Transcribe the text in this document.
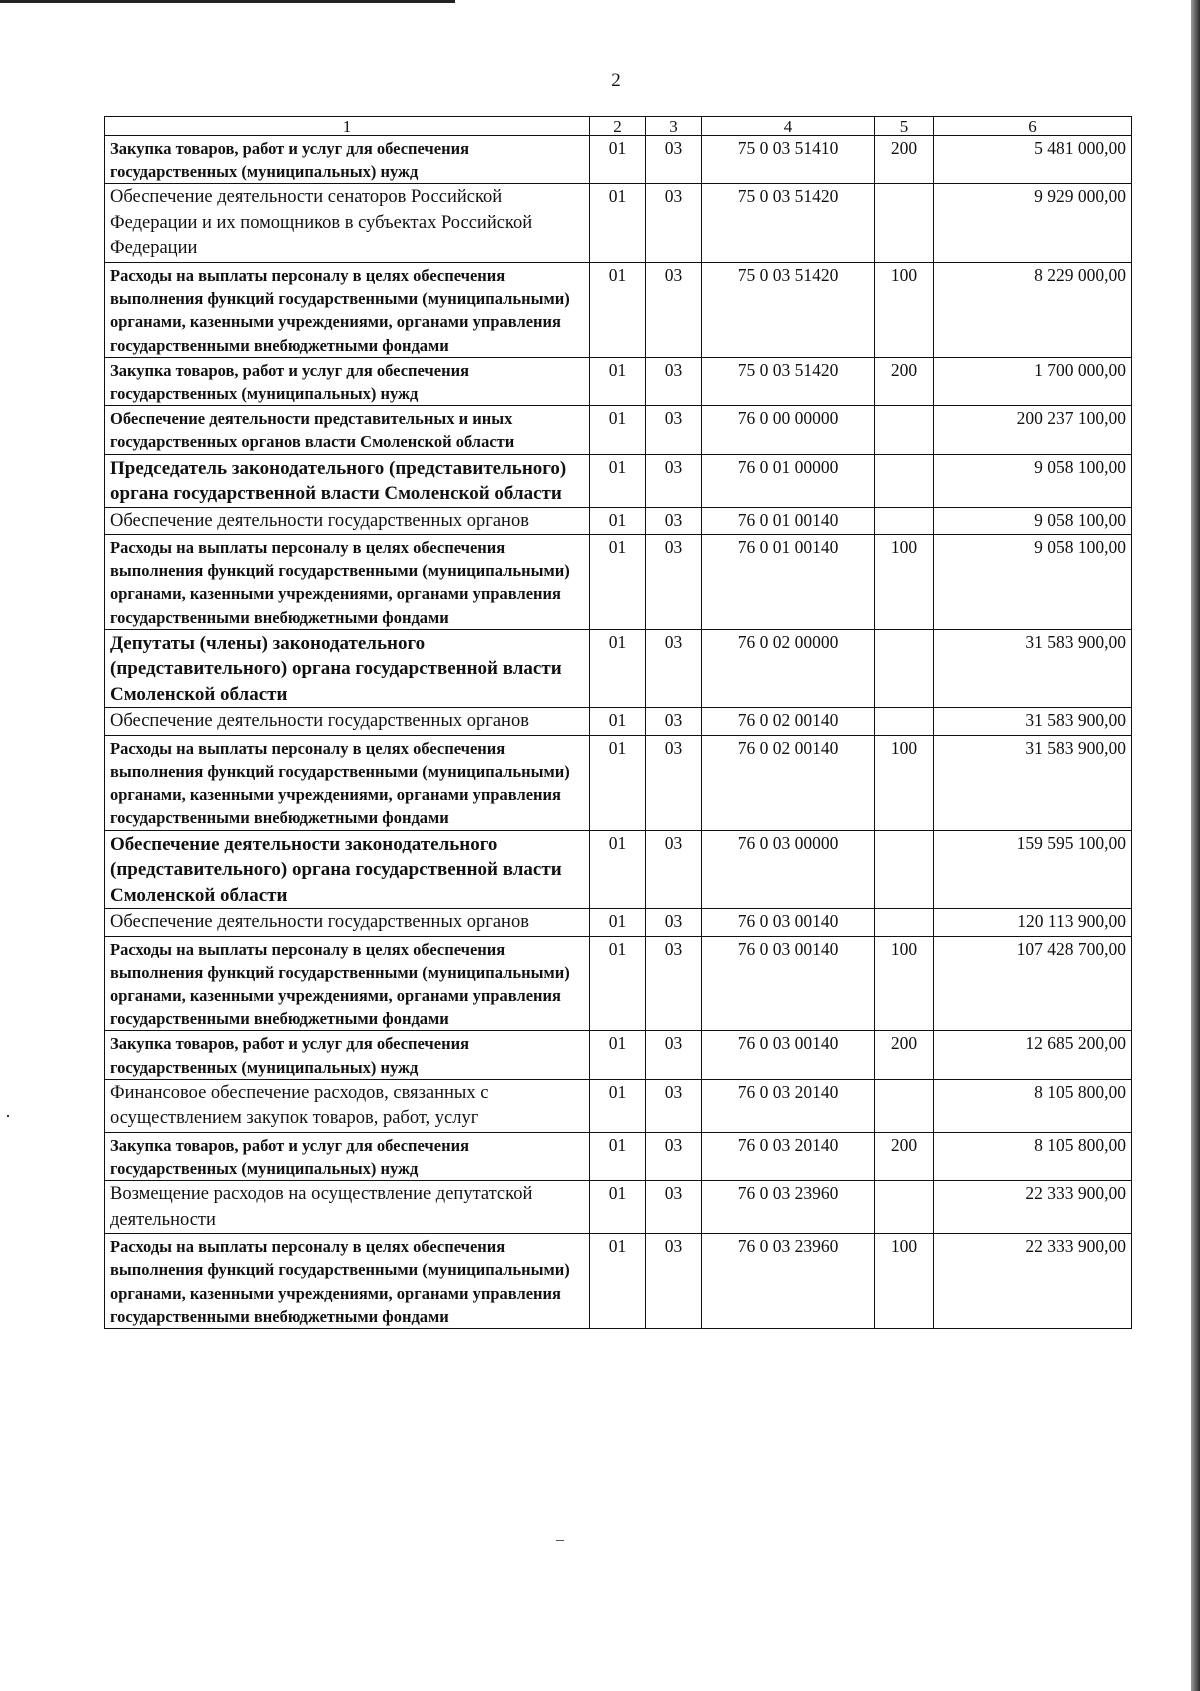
2
1	2	3	4	5	6
Закупка товаров, работ и услуг для обеспечения государственных (муниципальных) нужд	01	03	75 0 03 51410	200	5 481 000,00
Обеспечение деятельности сенаторов Российской Федерации и их помощников в субъектах Российской Федерации	01	03	75 0 03 51420		9 929 000,00
Расходы на выплаты персоналу в целях обеспечения выполнения функций государственными (муниципальными) органами, казенными учреждениями, органами управления государственными внебюджетными фондами	01	03	75 0 03 51420	100	8 229 000,00
Закупка товаров, работ и услуг для обеспечения государственных (муниципальных) нужд	01	03	75 0 03 51420	200	1 700 000,00
Обеспечение деятельности представительных и иных государственных органов власти Смоленской области	01	03	76 0 00 00000		200 237 100,00
Председатель законодательного (представительного) органа государственной власти Смоленской области	01	03	76 0 01 00000		9 058 100,00
Обеспечение деятельности государственных органов	01	03	76 0 01 00140		9 058 100,00
Расходы на выплаты персоналу в целях обеспечения выполнения функций государственными (муниципальными) органами, казенными учреждениями, органами управления государственными внебюджетными фондами	01	03	76 0 01 00140	100	9 058 100,00
Депутаты (члены) законодательного (представительного) органа государственной власти Смоленской области	01	03	76 0 02 00000		31 583 900,00
Обеспечение деятельности государственных органов	01	03	76 0 02 00140		31 583 900,00
Расходы на выплаты персоналу в целях обеспечения выполнения функций государственными (муниципальными) органами, казенными учреждениями, органами управления государственными внебюджетными фондами	01	03	76 0 02 00140	100	31 583 900,00
Обеспечение деятельности законодательного (представительного) органа государственной власти Смоленской области	01	03	76 0 03 00000		159 595 100,00
Обеспечение деятельности государственных органов	01	03	76 0 03 00140		120 113 900,00
Расходы на выплаты персоналу в целях обеспечения выполнения функций государственными (муниципальными) органами, казенными учреждениями, органами управления государственными внебюджетными фондами	01	03	76 0 03 00140	100	107 428 700,00
Закупка товаров, работ и услуг для обеспечения государственных (муниципальных) нужд	01	03	76 0 03 00140	200	12 685 200,00
Финансовое обеспечение расходов, связанных с осуществлением закупок товаров, работ, услуг	01	03	76 0 03 20140		8 105 800,00
Закупка товаров, работ и услуг для обеспечения государственных (муниципальных) нужд	01	03	76 0 03 20140	200	8 105 800,00
Возмещение расходов на осуществление депутатской деятельности	01	03	76 0 03 23960		22 333 900,00
Расходы на выплаты персоналу в целях обеспечения выполнения функций государственными (муниципальными) органами, казенными учреждениями, органами управления государственными внебюджетными фондами	01	03	76 0 03 23960	100	22 333 900,00
